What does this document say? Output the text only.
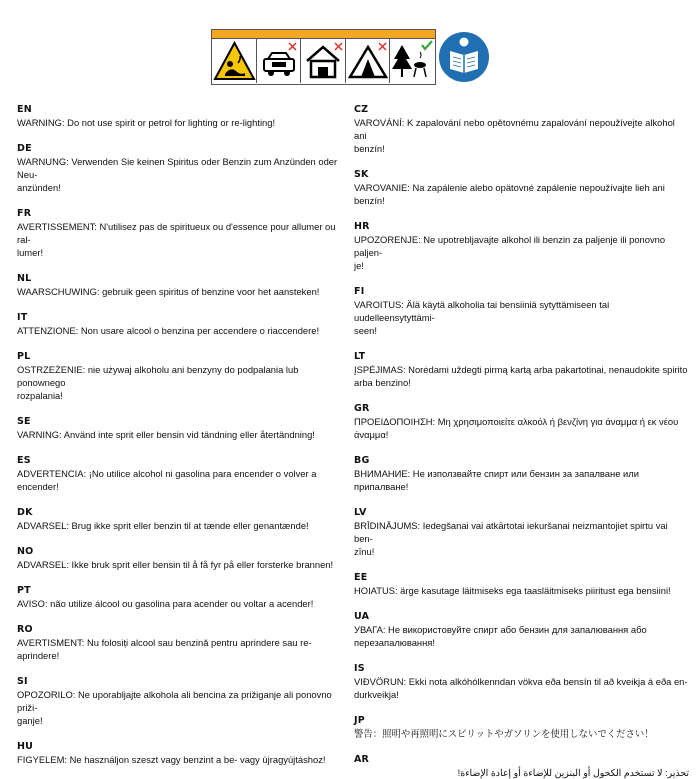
EN
WARNING: Do not use spirit or petrol for lighting or re-lighting!
DE
WARNUNG: Verwenden Sie keinen Spiritus oder Benzin zum Anzünden oder Neu-
anzünden!
FR
AVERTISSEMENT: N'utilisez pas de spiritueux ou d'essence pour allumer ou ral-
lumer!
NL
WAARSCHUWING: gebruik geen spiritus of benzine voor het aansteken!
IT
ATTENZIONE: Non usare alcool o benzina per accendere o riaccendere!
PL
OSTRZEŻENIE: nie używaj alkoholu ani benzyny do podpalania lub ponownego
rozpalania!
SE
VARNING: Använd inte sprit eller bensin vid tändning eller återtändning!
ES
ADVERTENCIA: ¡No utilice alcohol ni gasolina para encender o volver a encender!
DK
ADVARSEL: Brug ikke sprit eller benzin til at tænde eller genantænde!
NO
ADVARSEL: Ikke bruk sprit eller bensin til å få fyr på eller forsterke brannen!
PT
AVISO: não utilize álcool ou gasolina para acender ou voltar a acender!
RO
AVERTISMENT: Nu folosiți alcool sau benzină pentru aprindere sau re-aprindere!
SI
OPOZORILO: Ne uporabljajte alkohola ali bencina za prižiganje ali ponovno priži-
ganje!
HU
FIGYELEM: Ne használjon szeszt vagy benzint a be- vagy újragyújtáshoz!
CZ
VAROVÁNÍ: K zapalování nebo opětovnému zapalování nepoužívejte alkohol ani
benzín!
SK
VAROVANIE: Na zapálenie alebo opätovné zapálenie nepoužívajte lieh ani benzín!
HR
UPOZORENJE: Ne upotrebljavajte alkohol ili benzin za paljenje ili ponovno paljen-
je!
FI
VAROITUS: Älä käytä alkoholia tai bensiiniä sytyttämiseen tai uudelleensytyttämi-
seen!
LT
ĮSPĖJIMAS: Norėdami uždegti pirmą kartą arba pakartotinai, nenaudokite spirito
arba benzino!
GR
ΠΡΟΕΙΔΟΠΟΙΗΣΗ: Μη χρησιμοποιείτε αλκοόλ ή βενζίνη για άναμμα ή εκ νέου
άναμμα!
BG
ВНИМАНИЕ: Не използвайте спирт или бензин за запалване или
припалване!
LV
BRĪDINĀJUMS: Iedegšanai vai atkārtotai iekuršanai neizmantojiet spirtu vai ben-
zīnu!
EE
HOIATUS: ärge kasutage läitmiseks ega taasläitmiseks piiritust ega bensiini!
UA
УВАГА: Не використовуйте спирт або бензин для запалювання або
перезапалювання!
IS
VIÐVÖRUN: Ekki nota alkóhólkenndan vökva eða bensín til að kveikja á eða en-
durkveikja!
JP
警告：照明や再照明にスピリットやガソリンを使用しないでください！
AR
تحذير: لا تستخدم الكحول أو البنزين للإضاءة أو إعادة الإضاءة!
